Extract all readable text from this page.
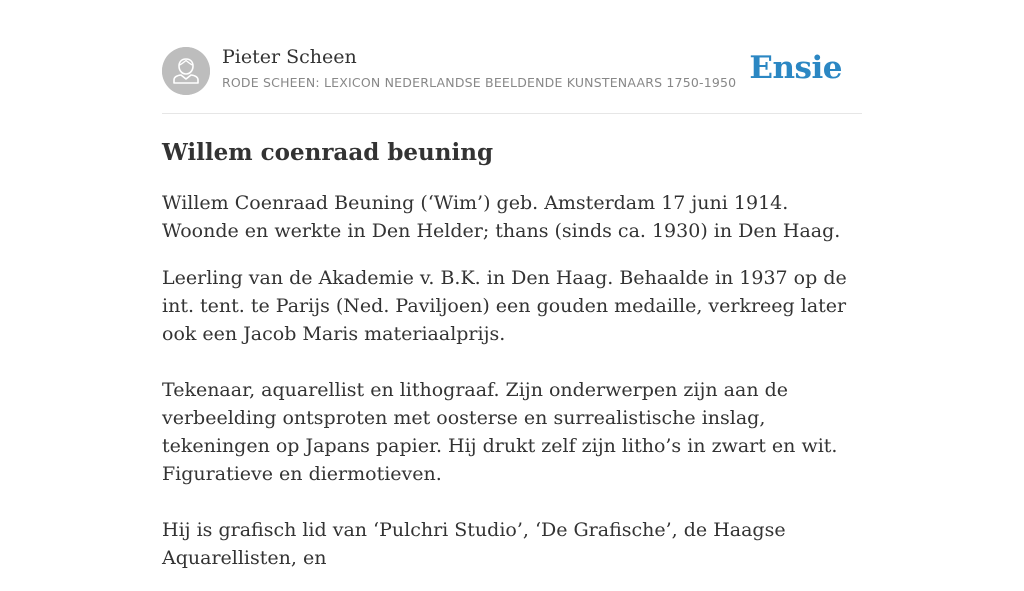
Pieter Scheen
RODE SCHEEN: LEXICON NEDERLANDSE BEELDENDE KUNSTENAARS 1750-1950 Ensie
Willem coenraad beuning

Willem Coenraad Beuning (‘Wim’) geb. Amsterdam 17 juni 1914. Woonde en werkte in Den Helder; thans (sinds ca. 1930) in Den Haag.

Leerling van de Akademie v. B.K. in Den Haag. Behaalde in 1937 op de int. tent. te Parijs (Ned. Paviljoen) een gouden medaille, verkreeg later ook een Jacob Maris materiaalprijs.

Tekenaar, aquarellist en lithograaf. Zijn onderwerpen zijn aan de verbeelding ontsproten met oosterse en surrealistische inslag, tekeningen op Japans papier. Hij drukt zelf zijn litho’s in zwart en wit. Figuratieve en diermotieven.

Hij is grafisch lid van ‘Pulchri Studio’, ‘De Grafische’, de Haagse Aquarellisten, en
